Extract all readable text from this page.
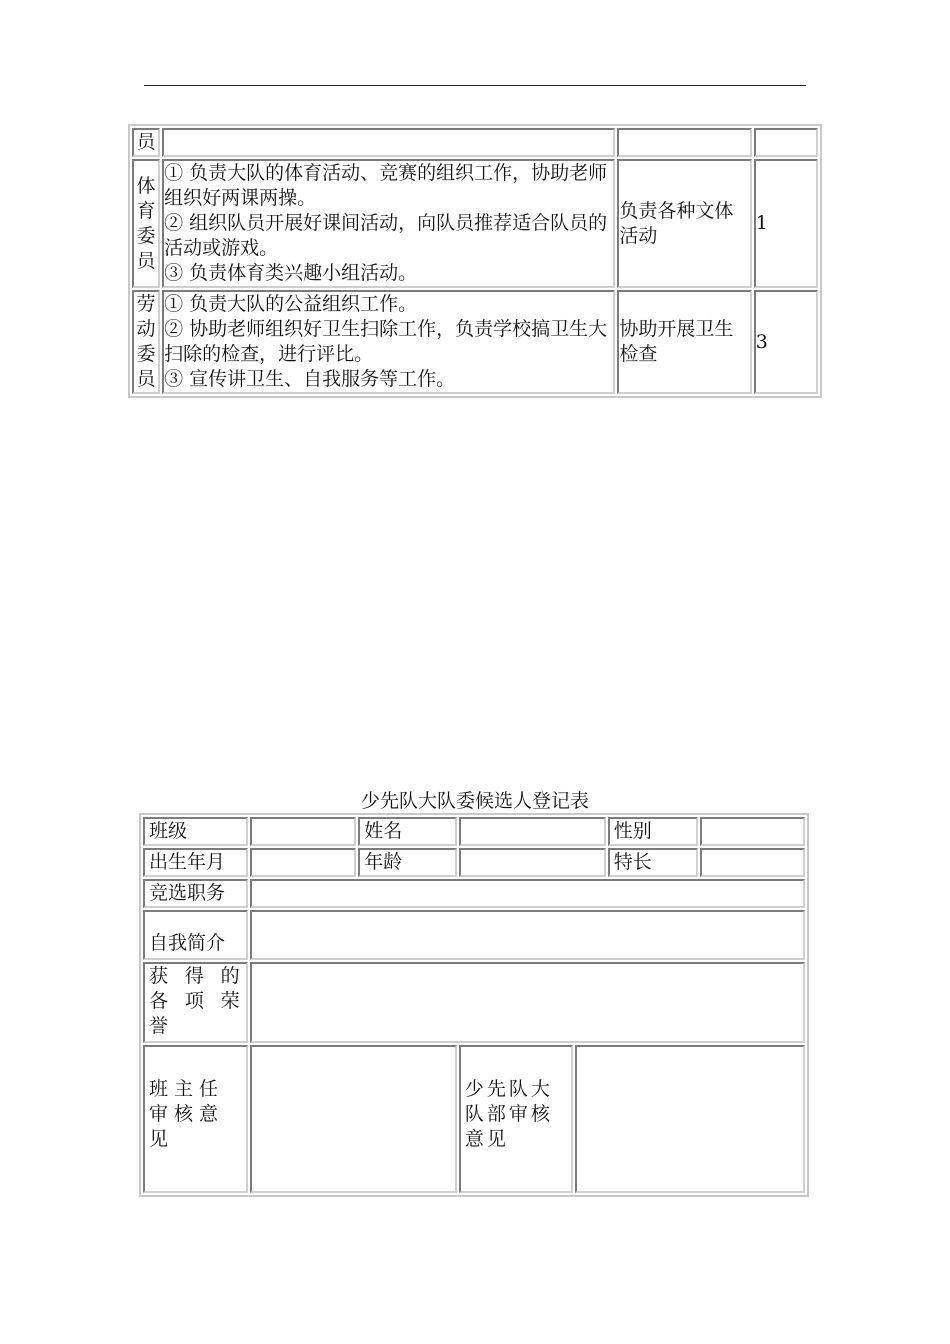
员			
体育委员	① 负责大队的体育活动、竞赛的组织工作，协助老师组织好两课两操。
② 组织队员开展好课间活动，向队员推荐适合队员的活动或游戏。
③ 负责体育类兴趣小组活动。	负责各种文体活动	1
劳动委员	① 负责大队的公益组织工作。
② 协助老师组织好卫生扫除工作，负责学校搞卫生大扫除的检查，进行评比。
③ 宣传讲卫生、自我服务等工作。	协助开展卫生检查	3
少先队大队委候选人登记表
班级		姓名			性别	
出生年月		年龄			特长	
竞选职务						
自我简介						
获得的各项荣誉						
班主任审核意见			少先队大队部审核意见			
